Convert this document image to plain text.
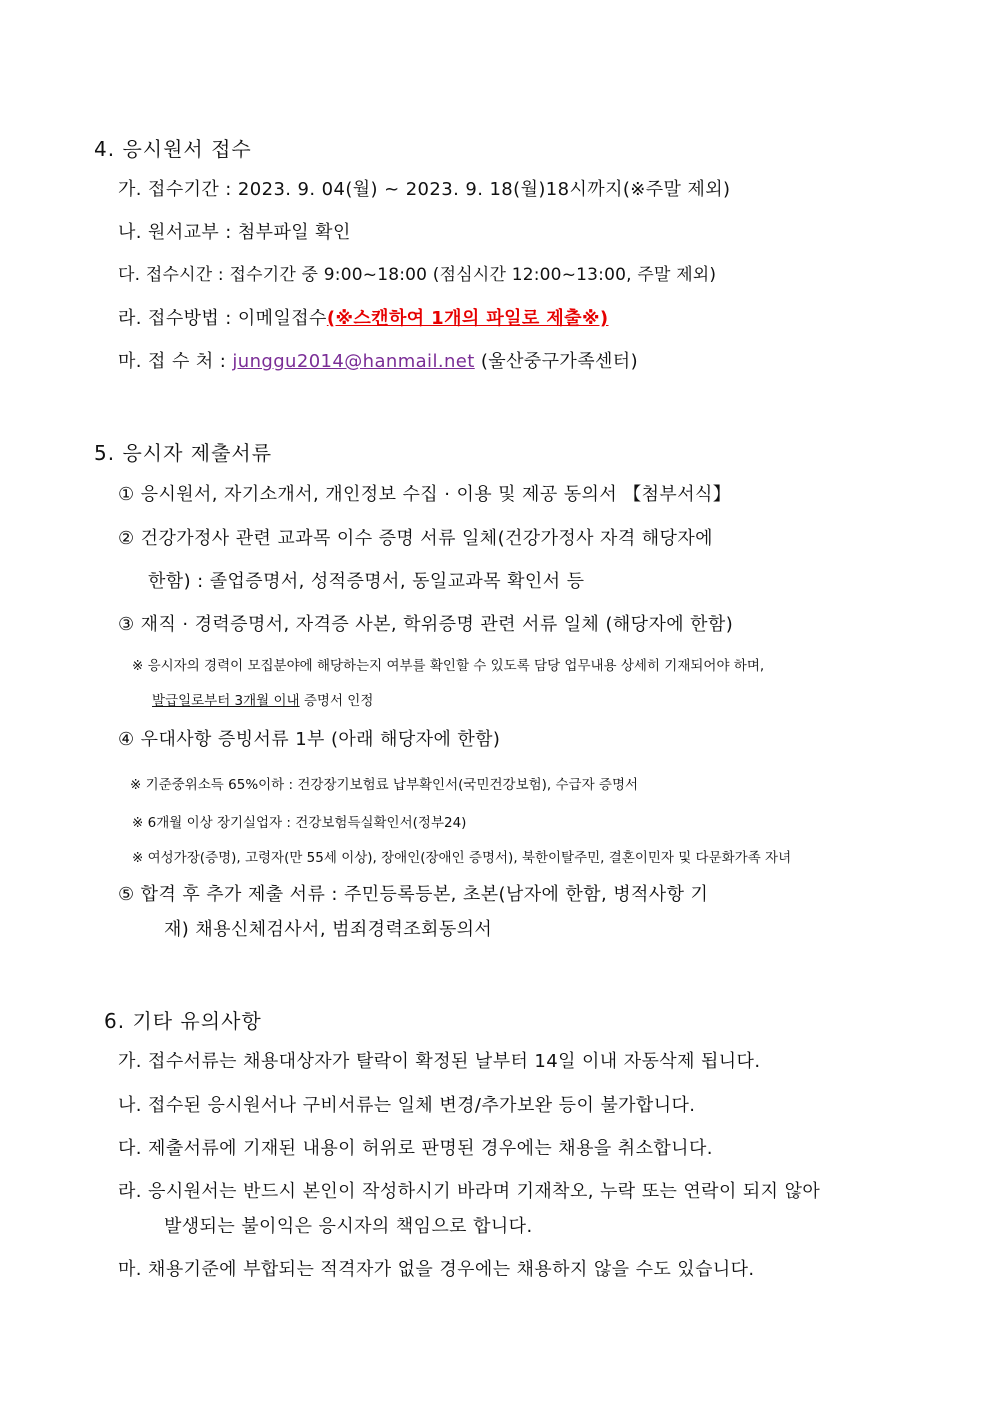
4. 응시원서 접수
가. 접수기간 : 2023. 9. 04(월) ~ 2023. 9. 18(월)18시까지(※주말 제외)
나. 원서교부 : 첨부파일 확인
다. 접수시간 : 접수기간 중 9:00~18:00 (점심시간 12:00~13:00, 주말 제외)
라. 접수방법 : 이메일접수(※스캔하여 1개의 파일로 제출※)
마. 접 수 처 : junggu2014@hanmail.net (울산중구가족센터)
5. 응시자 제출서류
① 응시원서, 자기소개서, 개인정보 수집 · 이용 및 제공 동의서 【첨부서식】
② 건강가정사 관련 교과목 이수 증명 서류 일체(건강가정사 자격 해당자에
한함) : 졸업증명서, 성적증명서, 동일교과목 확인서 등
③ 재직 · 경력증명서, 자격증 사본, 학위증명 관련 서류 일체 (해당자에 한함)
※ 응시자의 경력이 모집분야에 해당하는지 여부를 확인할 수 있도록 담당 업무내용 상세히 기재되어야 하며,
발급일로부터 3개월 이내 증명서 인정
④ 우대사항 증빙서류 1부 (아래 해당자에 한함)
※ 기준중위소득 65%이하 : 건강장기보험료 납부확인서(국민건강보험), 수급자 증명서
※ 6개월 이상 장기실업자 : 건강보험득실확인서(정부24)
※ 여성가장(증명), 고령자(만 55세 이상), 장애인(장애인 증명서), 북한이탈주민, 결혼이민자 및 다문화가족 자녀
⑤ 합격 후 추가 제출 서류 : 주민등록등본, 초본(남자에 한함, 병적사항 기
재) 채용신체검사서, 범죄경력조회동의서
6. 기타 유의사항
가. 접수서류는 채용대상자가 탈락이 확정된 날부터 14일 이내 자동삭제 됩니다.
나. 접수된 응시원서나 구비서류는 일체 변경/추가보완 등이 불가합니다.
다. 제출서류에 기재된 내용이 허위로 판명된 경우에는 채용을 취소합니다.
라. 응시원서는 반드시 본인이 작성하시기 바라며 기재착오, 누락 또는 연락이 되지 않아
발생되는 불이익은 응시자의 책임으로 합니다.
마. 채용기준에 부합되는 적격자가 없을 경우에는 채용하지 않을 수도 있습니다.
